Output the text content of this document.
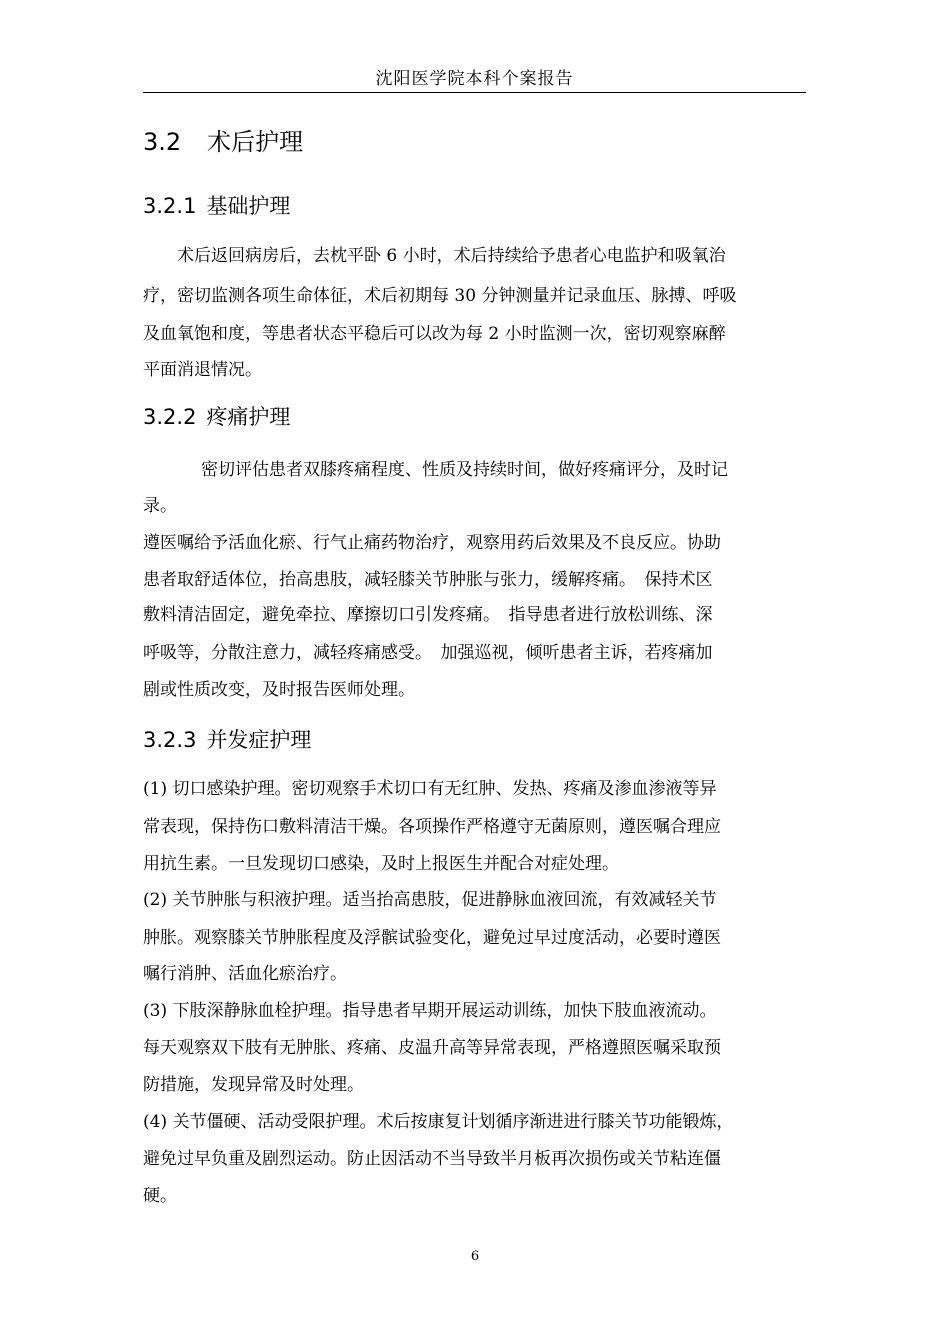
沈阳医学院本科个案报告
3.2 术后护理
3.2.1 基础护理
术后返回病房后，去枕平卧 6 小时，术后持续给予患者心电监护和吸氧治
疗，密切监测各项生命体征，术后初期每 30 分钟测量并记录血压、脉搏、呼吸
及血氧饱和度，等患者状态平稳后可以改为每 2 小时监测一次，密切观察麻醉
平面消退情况。
3.2.2 疼痛护理
密切评估患者双膝疼痛程度、性质及持续时间，做好疼痛评分，及时记
录。
遵医嘱给予活血化瘀、行气止痛药物治疗，观察用药后效果及不良反应。协助
患者取舒适体位，抬高患肢，减轻膝关节肿胀与张力，缓解疼痛。　保持术区
敷料清洁固定，避免牵拉、摩擦切口引发疼痛。　指导患者进行放松训练、深
呼吸等，分散注意力，减轻疼痛感受。　加强巡视，倾听患者主诉，若疼痛加
剧或性质改变，及时报告医师处理。
3.2.3 并发症护理
(1) 切口感染护理。密切观察手术切口有无红肿、发热、疼痛及渗血渗液等异
常表现，保持伤口敷料清洁干燥。各项操作严格遵守无菌原则，遵医嘱合理应
用抗生素。一旦发现切口感染，及时上报医生并配合对症处理。
(2) 关节肿胀与积液护理。适当抬高患肢，促进静脉血液回流，有效减轻关节
肿胀。观察膝关节肿胀程度及浮髌试验变化，避免过早过度活动，必要时遵医
嘱行消肿、活血化瘀治疗。
(3) 下肢深静脉血栓护理。指导患者早期开展运动训练，加快下肢血液流动。
每天观察双下肢有无肿胀、疼痛、皮温升高等异常表现，严格遵照医嘱采取预
防措施，发现异常及时处理。
(4) 关节僵硬、活动受限护理。术后按康复计划循序渐进进行膝关节功能锻炼，
避免过早负重及剧烈运动。防止因活动不当导致半月板再次损伤或关节粘连僵
硬。
6
